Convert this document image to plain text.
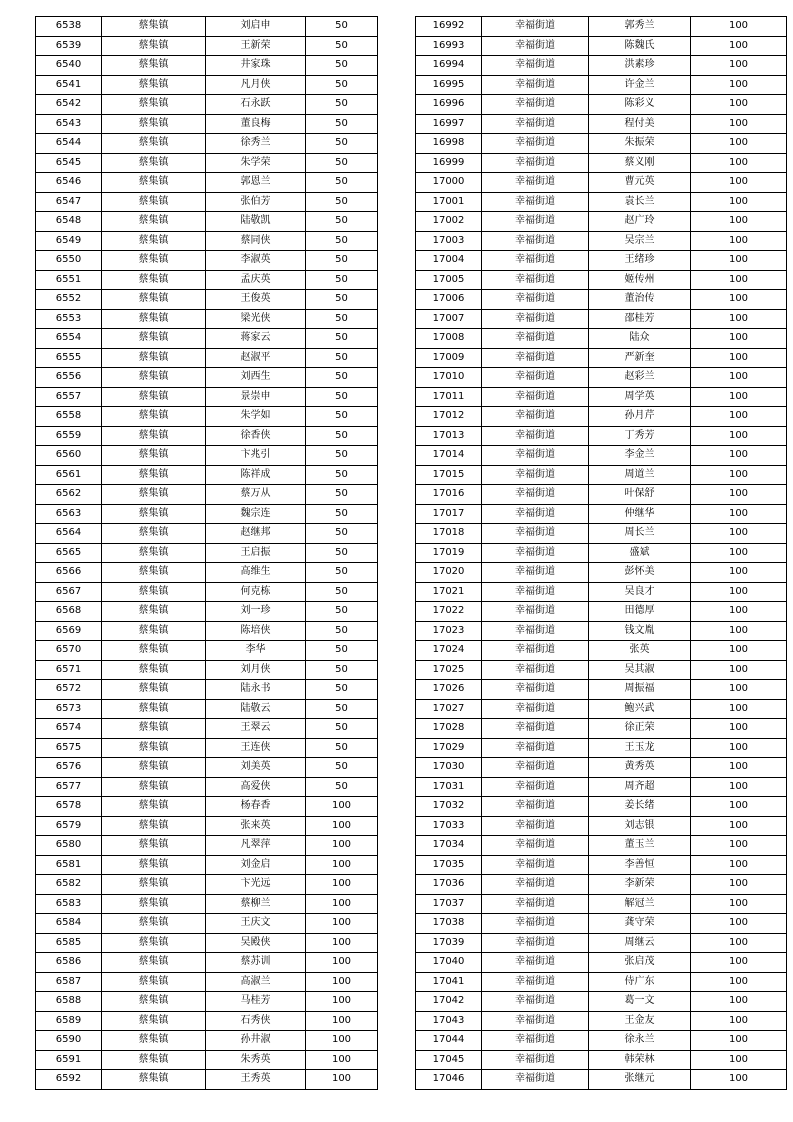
6538	蔡集镇	刘启申	50
6539	蔡集镇	王新荣	50
6540	蔡集镇	井家珠	50
6541	蔡集镇	凡月侠	50
6542	蔡集镇	石永跃	50
6543	蔡集镇	董良梅	50
6544	蔡集镇	徐秀兰	50
6545	蔡集镇	朱学荣	50
6546	蔡集镇	郭恩兰	50
6547	蔡集镇	张伯芳	50
6548	蔡集镇	陆敬凯	50
6549	蔡集镇	蔡同侠	50
6550	蔡集镇	李淑英	50
6551	蔡集镇	孟庆英	50
6552	蔡集镇	王俊英	50
6553	蔡集镇	梁光侠	50
6554	蔡集镇	蒋家云	50
6555	蔡集镇	赵淑平	50
6556	蔡集镇	刘西生	50
6557	蔡集镇	景崇申	50
6558	蔡集镇	朱学如	50
6559	蔡集镇	徐香侠	50
6560	蔡集镇	卞兆引	50
6561	蔡集镇	陈祥成	50
6562	蔡集镇	蔡万从	50
6563	蔡集镇	魏宗连	50
6564	蔡集镇	赵继邦	50
6565	蔡集镇	王启振	50
6566	蔡集镇	高维生	50
6567	蔡集镇	何克栋	50
6568	蔡集镇	刘一珍	50
6569	蔡集镇	陈培侠	50
6570	蔡集镇	李华	50
6571	蔡集镇	刘月侠	50
6572	蔡集镇	陆永书	50
6573	蔡集镇	陆敬云	50
6574	蔡集镇	王翠云	50
6575	蔡集镇	王连侠	50
6576	蔡集镇	刘美英	50
6577	蔡集镇	高爱侠	50
6578	蔡集镇	杨春香	100
6579	蔡集镇	张来英	100
6580	蔡集镇	凡翠萍	100
6581	蔡集镇	刘金启	100
6582	蔡集镇	卞光远	100
6583	蔡集镇	蔡柳兰	100
6584	蔡集镇	王庆文	100
6585	蔡集镇	吴殿侠	100
6586	蔡集镇	蔡苏训	100
6587	蔡集镇	高淑兰	100
6588	蔡集镇	马桂芳	100
6589	蔡集镇	石秀侠	100
6590	蔡集镇	孙井淑	100
6591	蔡集镇	朱秀英	100
6592	蔡集镇	王秀英	100
16992	幸福街道	郭秀兰	100
16993	幸福街道	陈魏氏	100
16994	幸福街道	洪素珍	100
16995	幸福街道	许金兰	100
16996	幸福街道	陈彩义	100
16997	幸福街道	程付美	100
16998	幸福街道	朱振荣	100
16999	幸福街道	蔡义刚	100
17000	幸福街道	曹元英	100
17001	幸福街道	袁长兰	100
17002	幸福街道	赵广玲	100
17003	幸福街道	吴宗兰	100
17004	幸福街道	王绪珍	100
17005	幸福街道	姬传州	100
17006	幸福街道	董治传	100
17007	幸福街道	邵桂芳	100
17008	幸福街道	陆众	100
17009	幸福街道	严新奎	100
17010	幸福街道	赵彩兰	100
17011	幸福街道	周学英	100
17012	幸福街道	孙月芹	100
17013	幸福街道	丁秀芳	100
17014	幸福街道	李金兰	100
17015	幸福街道	周道兰	100
17016	幸福街道	叶保舒	100
17017	幸福街道	仲继华	100
17018	幸福街道	周长兰	100
17019	幸福街道	盛斌	100
17020	幸福街道	彭怀美	100
17021	幸福街道	吴良才	100
17022	幸福街道	田德厚	100
17023	幸福街道	钱文胤	100
17024	幸福街道	张英	100
17025	幸福街道	吴其淑	100
17026	幸福街道	周振福	100
17027	幸福街道	鲍兴武	100
17028	幸福街道	徐正荣	100
17029	幸福街道	王玉龙	100
17030	幸福街道	黄秀英	100
17031	幸福街道	周齐超	100
17032	幸福街道	姜长绪	100
17033	幸福街道	刘志银	100
17034	幸福街道	董玉兰	100
17035	幸福街道	李善恒	100
17036	幸福街道	李新荣	100
17037	幸福街道	解冠兰	100
17038	幸福街道	龚守荣	100
17039	幸福街道	周继云	100
17040	幸福街道	张启茂	100
17041	幸福街道	侍广东	100
17042	幸福街道	葛一文	100
17043	幸福街道	王金友	100
17044	幸福街道	徐永兰	100
17045	幸福街道	韩荣林	100
17046	幸福街道	张继元	100
